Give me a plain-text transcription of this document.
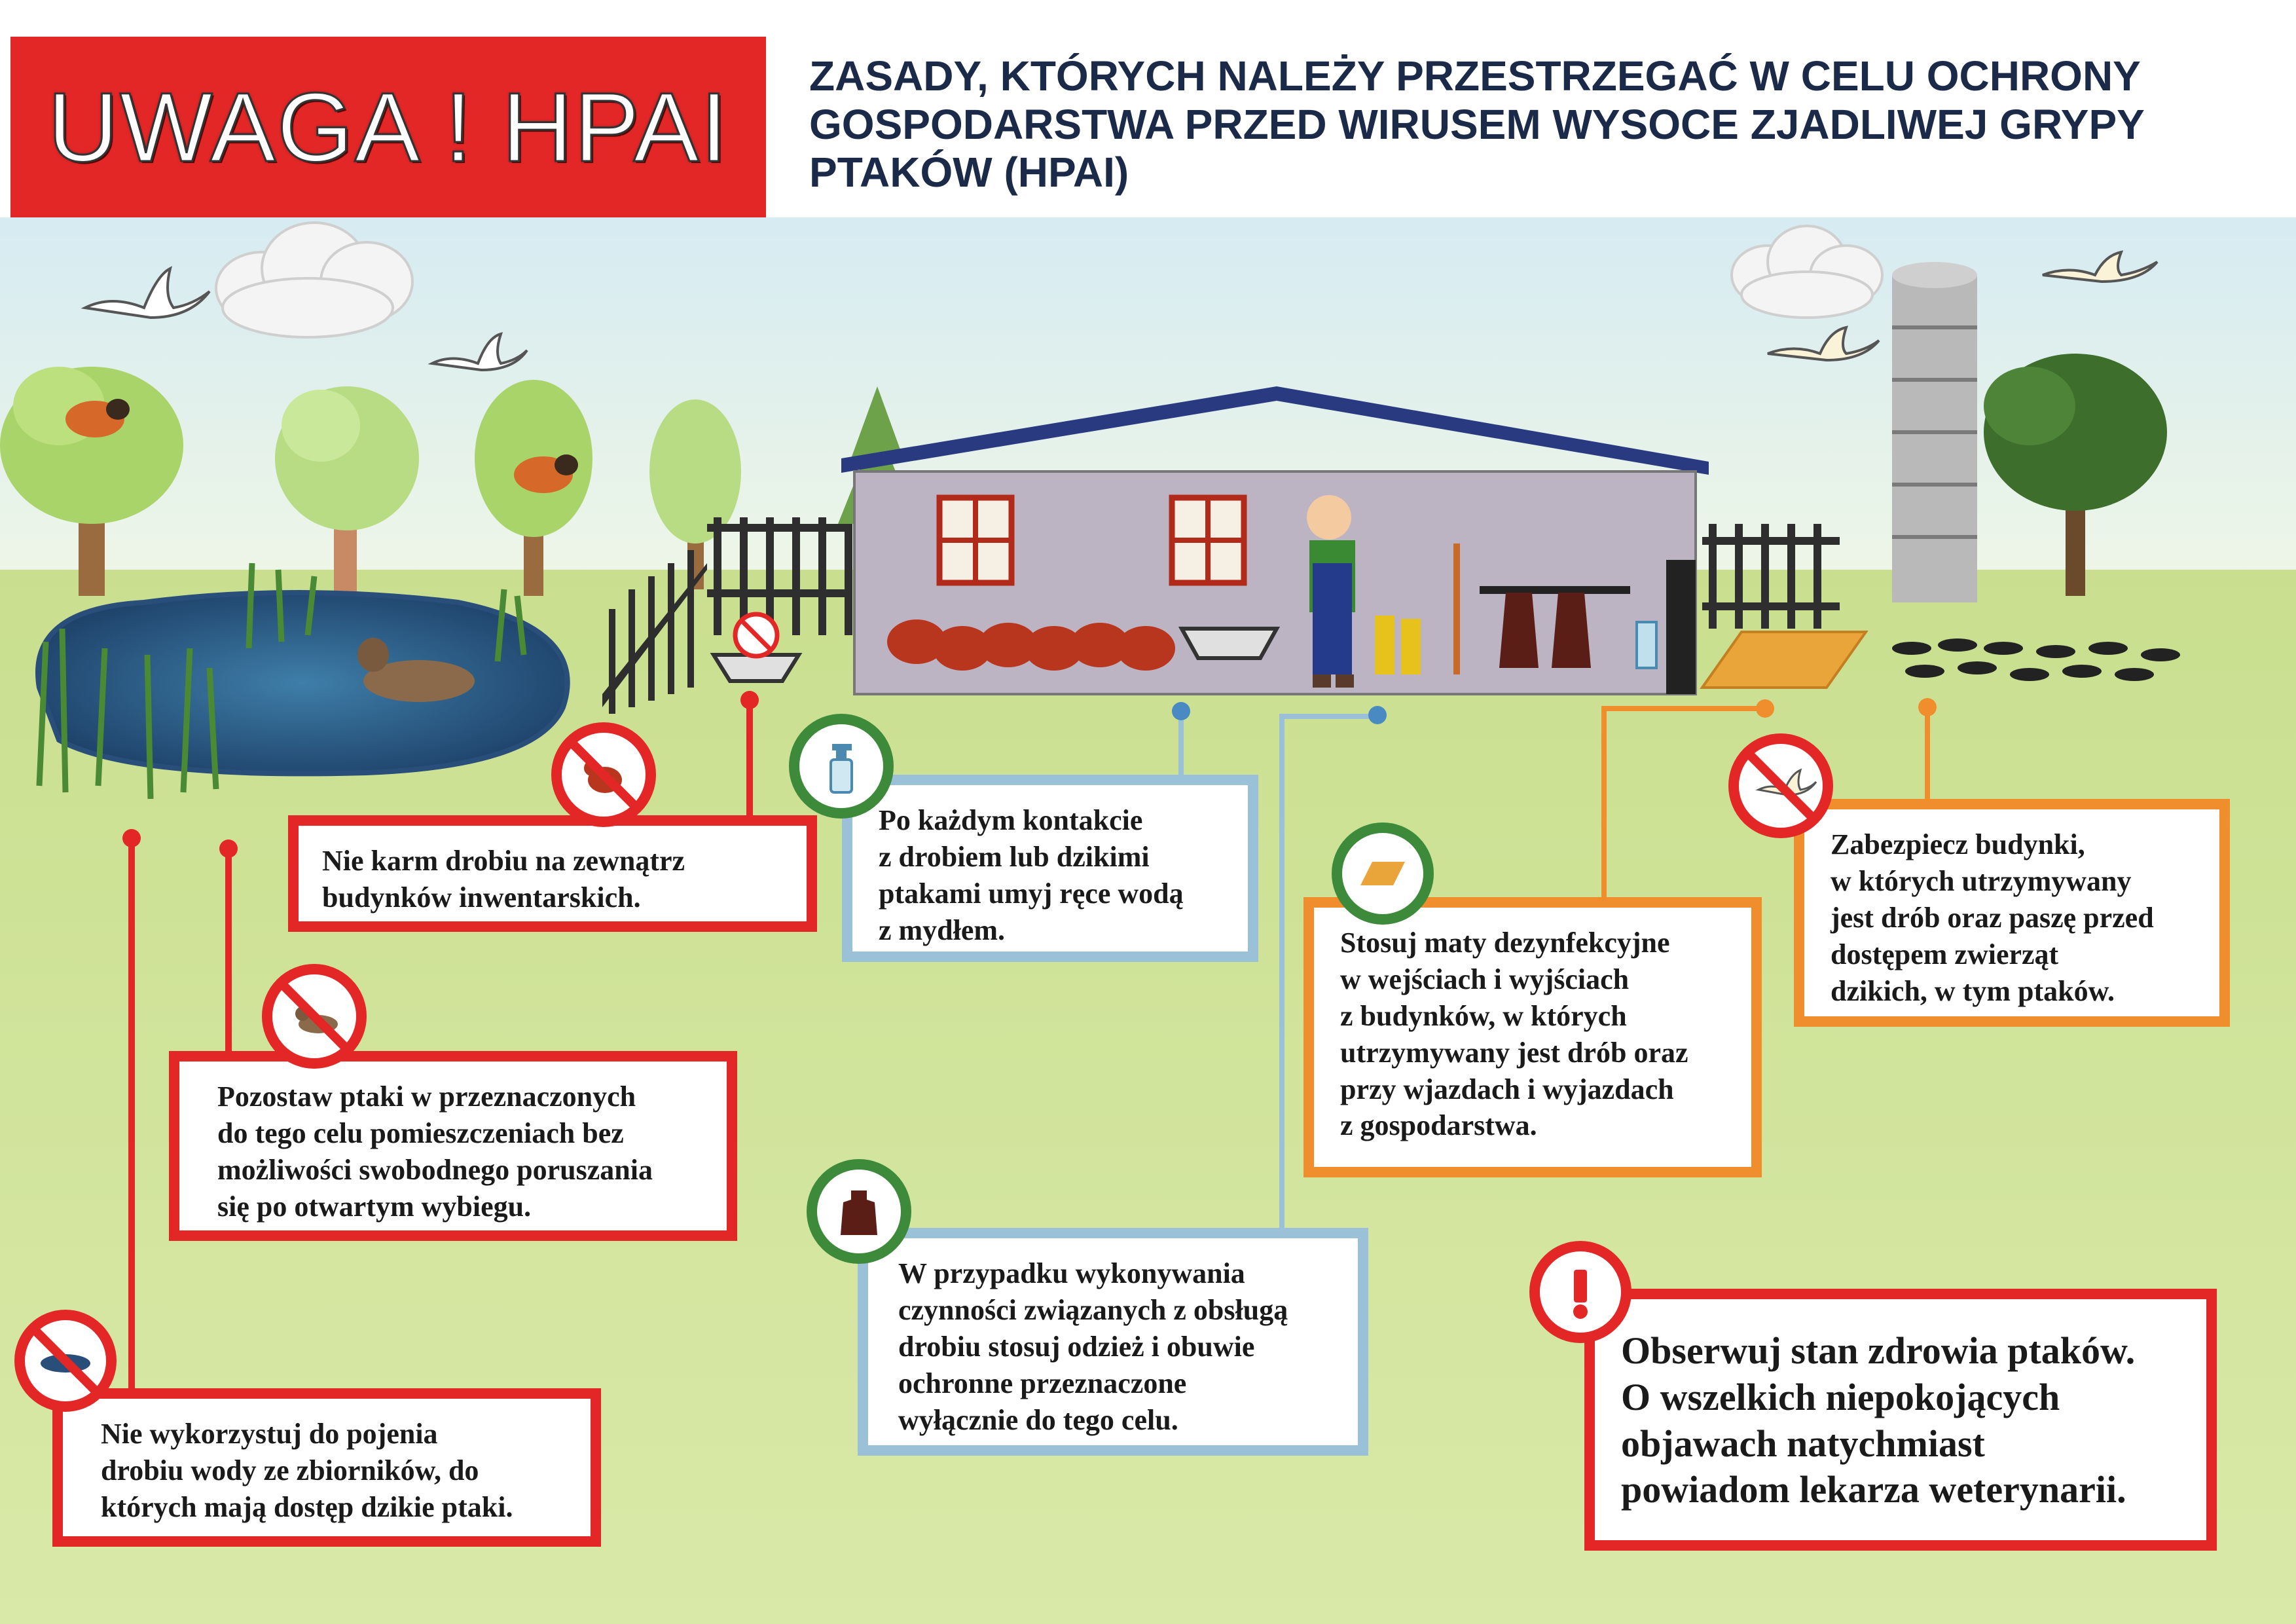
UWAGA ! HPAI	ZASADY, KTÓRYCH NALEŻY PRZESTRZEGAĆ W CELU OCHRONY
GOSPODARSTWA PRZED WIRUSEM WYSOCE ZJADLIWEJ GRYPY
PTAKÓW (HPAI)
Nie karm drobiu na zewnątrz
budynków inwentarskich.
Po każdym kontakcie
z drobiem lub dzikimi
ptakami umyj ręce wodą
z mydłem.	Stosuj maty dezynfekcyjne
w wejściach i wyjściach
z budynków, w których
utrzymywany jest drób oraz
przy wjazdach i wyjazdach
z gospodarstwa.
Zabezpiecz budynki,
w których utrzymywany
jest drób oraz paszę przed
dostępem zwierząt
dzikich, w tym ptaków.
Pozostaw ptaki w przeznaczonych
do tego celu pomieszczeniach bez
możliwości swobodnego poruszania
się po otwartym wybiegu.
W przypadku wykonywania
czynności związanych z obsługą
drobiu stosuj odzież i obuwie
ochronne przeznaczone
wyłącznie do tego celu.
Nie wykorzystuj do pojenia
drobiu wody ze zbiorników, do
których mają dostęp dzikie ptaki.
Obserwuj stan zdrowia ptaków.
O wszelkich niepokojących
objawach natychmiast
powiadom lekarza weterynarii.
